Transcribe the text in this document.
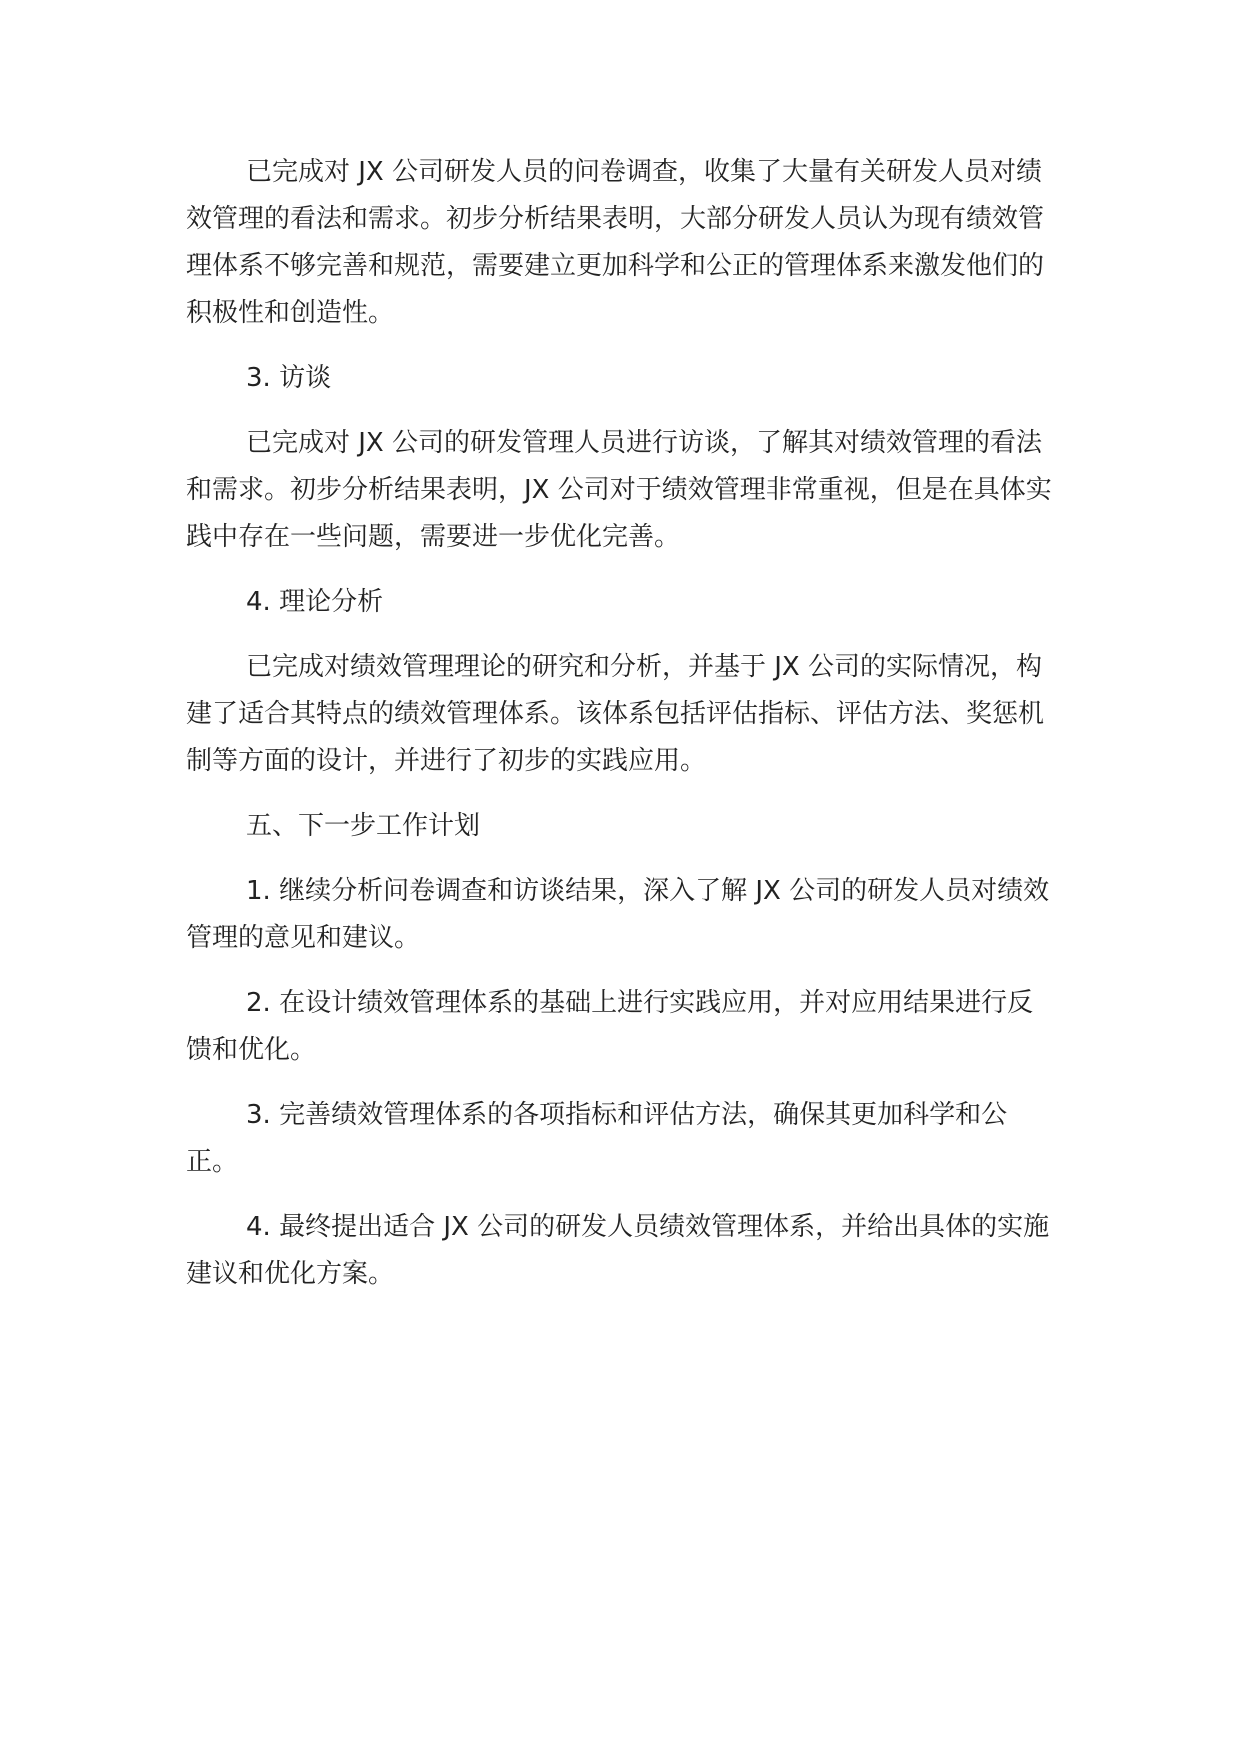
已完成对 JX 公司研发人员的问卷调查，收集了大量有关研发人员对绩效管理的看法和需求。初步分析结果表明，大部分研发人员认为现有绩效管理体系不够完善和规范，需要建立更加科学和公正的管理体系来激发他们的积极性和创造性。

3. 访谈

已完成对 JX 公司的研发管理人员进行访谈，了解其对绩效管理的看法和需求。初步分析结果表明，JX 公司对于绩效管理非常重视，但是在具体实践中存在一些问题，需要进一步优化完善。

4. 理论分析

已完成对绩效管理理论的研究和分析，并基于 JX 公司的实际情况，构建了适合其特点的绩效管理体系。该体系包括评估指标、评估方法、奖惩机制等方面的设计，并进行了初步的实践应用。

五、下一步工作计划

1. 继续分析问卷调查和访谈结果，深入了解 JX 公司的研发人员对绩效管理的意见和建议。

2. 在设计绩效管理体系的基础上进行实践应用，并对应用结果进行反馈和优化。

3. 完善绩效管理体系的各项指标和评估方法，确保其更加科学和公正。

4. 最终提出适合 JX 公司的研发人员绩效管理体系，并给出具体的实施建议和优化方案。
